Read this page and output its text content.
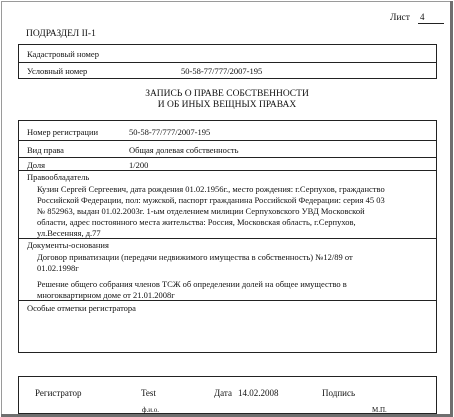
Лист 4
ПОДРАЗДЕЛ II-1
Кадастровый номер
Условный номер	50-58-77/777/2007-195
ЗАПИСЬ О ПРАВЕ СОБСТВЕННОСТИ
И ОБ ИНЫХ ВЕЩНЫХ ПРАВАХ
Номер регистрации	50-58-77/777/2007-195
Вид права	Общая долевая собственность
Доля	1/200
Правообладатель
Кузин Сергей Сергеевич, дата рождения 01.02.1956г., место рождения: г.Серпухов, гражданство
Российской Федерации, пол: мужской, паспорт гражданина Российской Федерации: серия 45 03
№ 852963, выдан 01.02.2003г. 1-ым отделением милиции Серпуховского УВД Московской
области, адрес постоянного места жительства: Россия, Московская область, г.Серпухов,
ул.Весенняя, д.77
Документы-основания
Договор приватизации (передачи недвижимого имущества в собственность) №12/89 от
01.02.1998г
Решение общего собрания членов ТСЖ об определении долей на общее имущество в
многоквартирном доме от 21.01.2008г
Особые отметки регистратора
Регистратор	Test	Дата 14.02.2008	Подпись
ф.и.о.	М.П.
